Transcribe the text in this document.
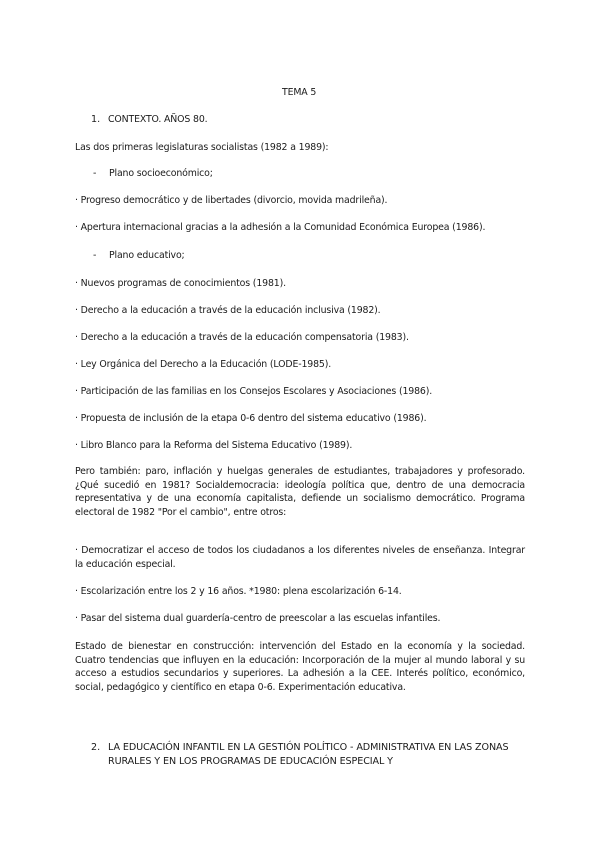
TEMA 5
1. CONTEXTO. AÑOS 80.
Las dos primeras legislaturas socialistas (1982 a 1989):
- Plano socioeconómico;
· Progreso democrático y de libertades (divorcio, movida madrileña).
· Apertura internacional gracias a la adhesión a la Comunidad Económica Europea (1986).
- Plano educativo;
· Nuevos programas de conocimientos (1981).
· Derecho a la educación a través de la educación inclusiva (1982).
· Derecho a la educación a través de la educación compensatoria (1983).
· Ley Orgánica del Derecho a la Educación (LODE-1985).
· Participación de las familias en los Consejos Escolares y Asociaciones (1986).
· Propuesta de inclusión de la etapa 0-6 dentro del sistema educativo (1986).
· Libro Blanco para la Reforma del Sistema Educativo (1989).
Pero también: paro, inflación y huelgas generales de estudiantes, trabajadores y profesorado. ¿Qué sucedió en 1981? Socialdemocracia: ideología política que, dentro de una democracia representativa y de una economía capitalista, defiende un socialismo democrático. Programa electoral de 1982 "Por el cambio", entre otros:
· Democratizar el acceso de todos los ciudadanos a los diferentes niveles de enseñanza. Integrar la educación especial.
· Escolarización entre los 2 y 16 años. *1980: plena escolarización 6-14.
· Pasar del sistema dual guardería-centro de preescolar a las escuelas infantiles.
Estado de bienestar en construcción: intervención del Estado en la economía y la sociedad. Cuatro tendencias que influyen en la educación: Incorporación de la mujer al mundo laboral y su acceso a estudios secundarios y superiores. La adhesión a la CEE. Interés político, económico, social, pedagógico y científico en etapa 0-6. Experimentación educativa.
2. LA EDUCACIÓN INFANTIL EN LA GESTIÓN POLÍTICO - ADMINISTRATIVA EN LAS ZONAS RURALES Y EN LOS PROGRAMAS DE EDUCACIÓN ESPECIAL Y
